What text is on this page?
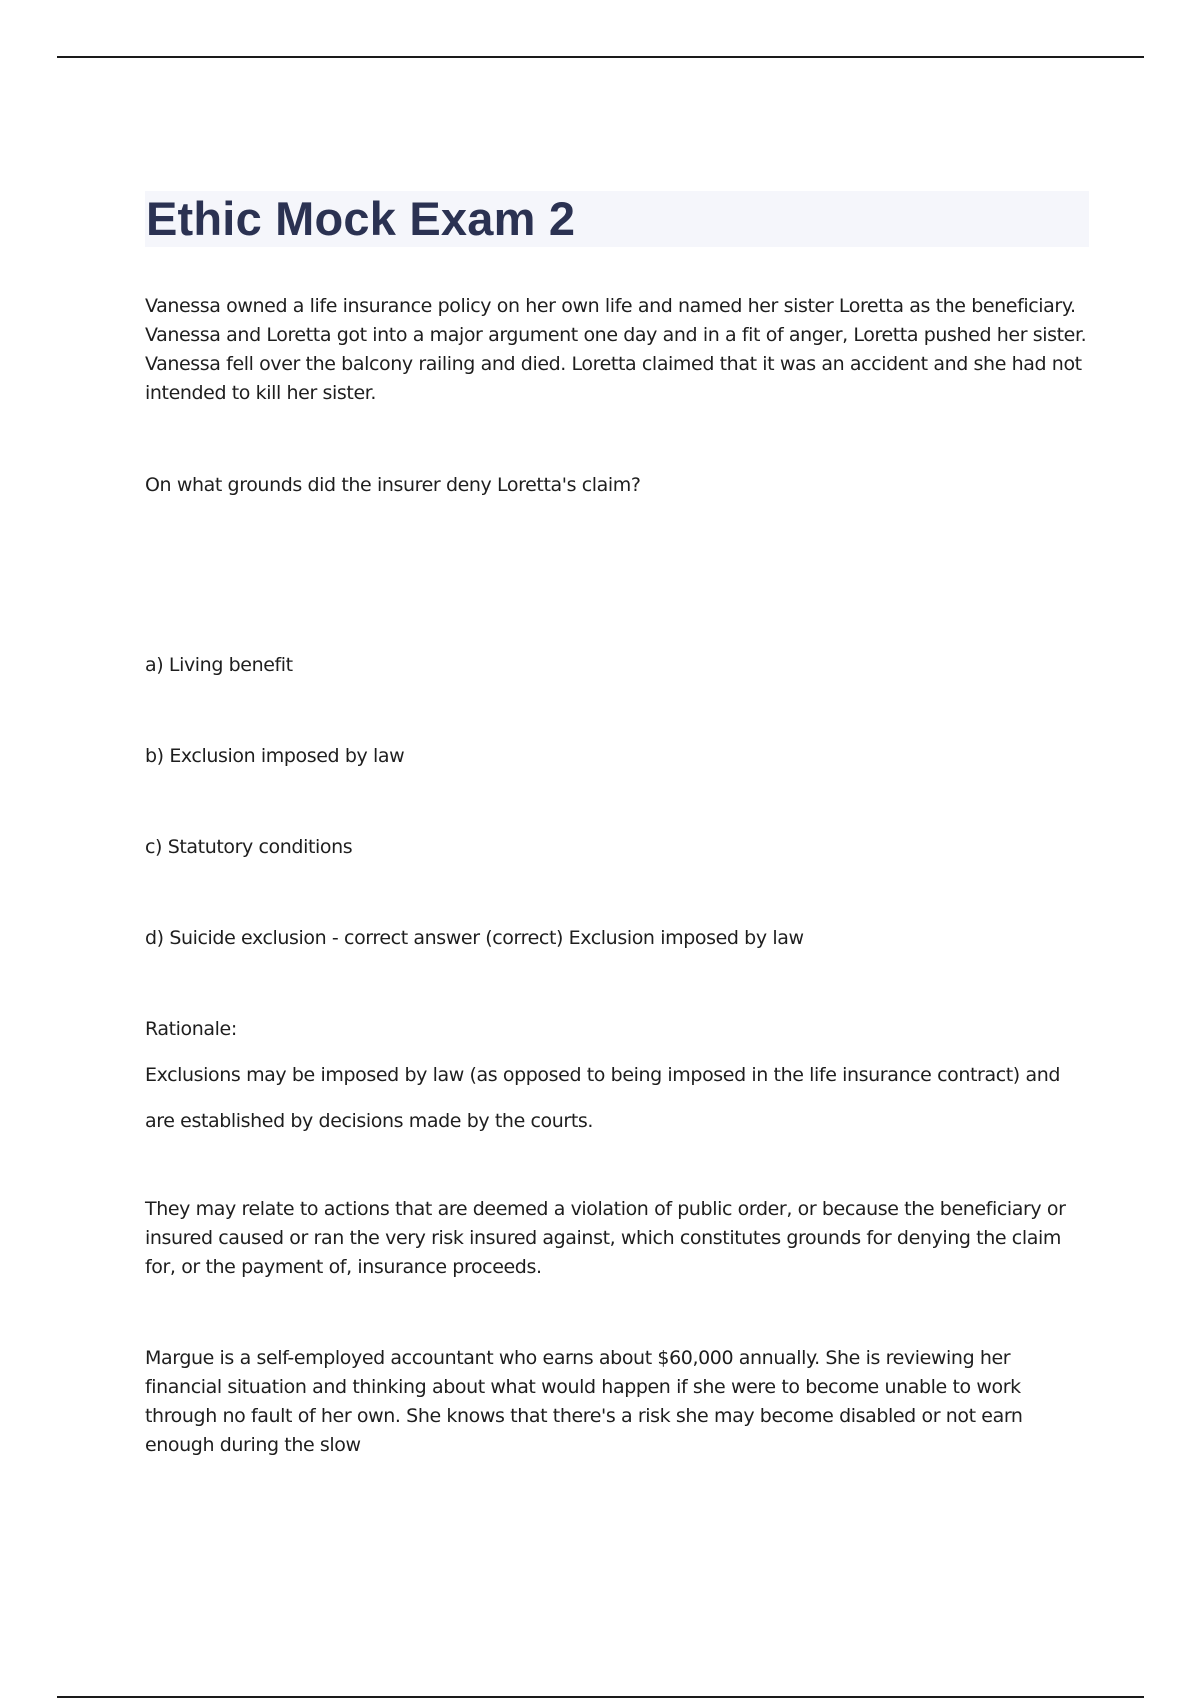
Ethic Mock Exam 2

Vanessa owned a life insurance policy on her own life and named her sister Loretta as the beneficiary. Vanessa and Loretta got into a major argument one day and in a fit of anger, Loretta pushed her sister. Vanessa fell over the balcony railing and died. Loretta claimed that it was an accident and she had not intended to kill her sister.

On what grounds did the insurer deny Loretta's claim?

a) Living benefit

b) Exclusion imposed by law

c) Statutory conditions

d) Suicide exclusion - correct answer (correct) Exclusion imposed by law

Rationale:

Exclusions may be imposed by law (as opposed to being imposed in the life insurance contract) and are established by decisions made by the courts.

They may relate to actions that are deemed a violation of public order, or because the beneficiary or insured caused or ran the very risk insured against, which constitutes grounds for denying the claim for, or the payment of, insurance proceeds.

Margue is a self-employed accountant who earns about $60,000 annually. She is reviewing her financial situation and thinking about what would happen if she were to become unable to work through no fault of her own. She knows that there's a risk she may become disabled or not earn enough during the slow
